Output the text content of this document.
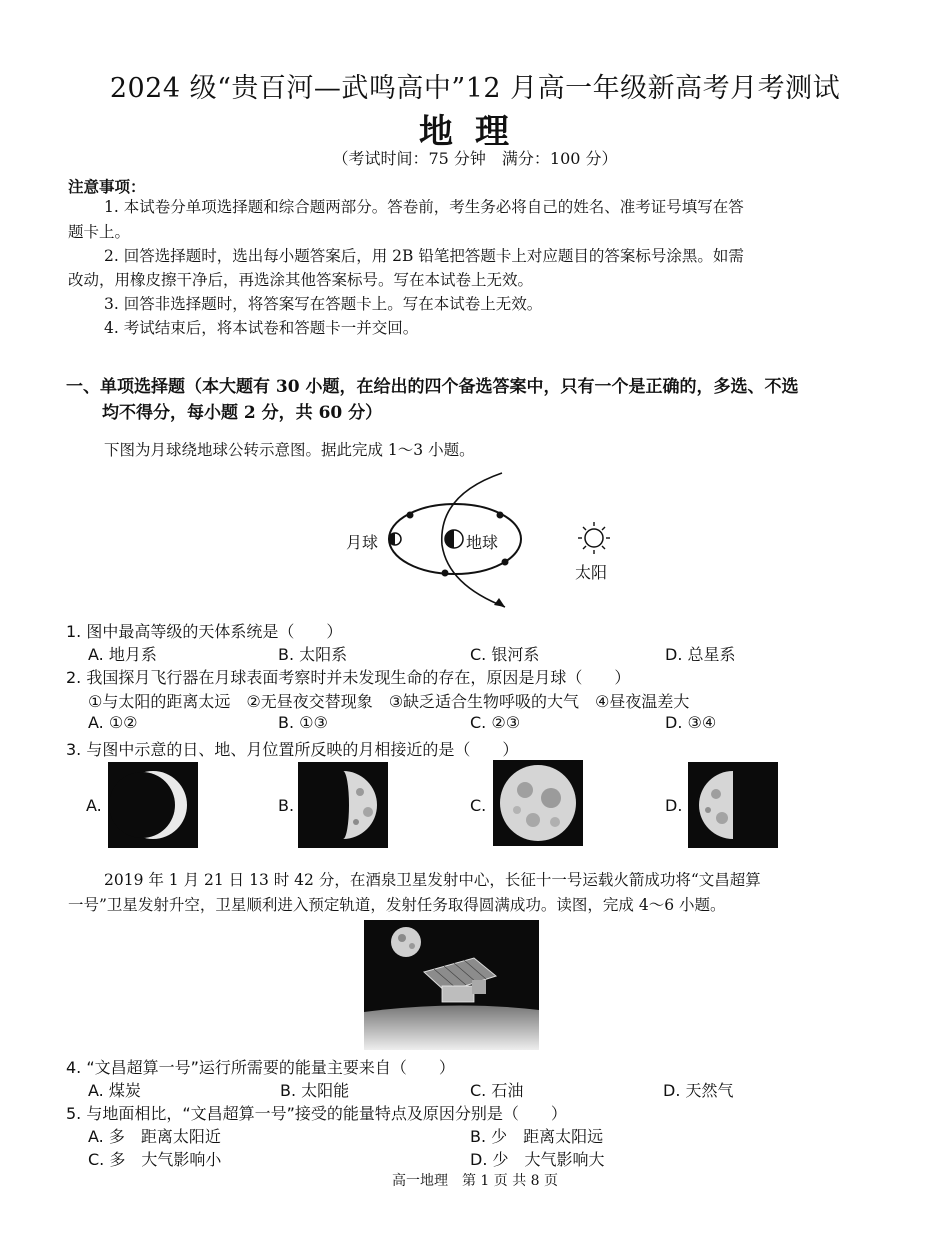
2024 级“贵百河—武鸣高中”12 月高一年级新高考月考测试
地理
（考试时间：75 分钟　满分：100 分）
注意事项：
1. 本试卷分单项选择题和综合题两部分。答卷前，考生务必将自己的姓名、准考证号填写在答
题卡上。
2. 回答选择题时，选出每小题答案后，用 2B 铅笔把答题卡上对应题目的答案标号涂黑。如需
改动，用橡皮擦干净后，再选涂其他答案标号。写在本试卷上无效。
3. 回答非选择题时，将答案写在答题卡上。写在本试卷上无效。
4. 考试结束后，将本试卷和答题卡一并交回。
一、单项选择题（本大题有 30 小题，在给出的四个备选答案中，只有一个是正确的，多选、不选
均不得分，每小题 2 分，共 60 分）
下图为月球绕地球公转示意图。据此完成 1～3 小题。
月球	地球
太阳
1. 图中最高等级的天体系统是（　　）
A. 地月系	B. 太阳系	C. 银河系	D. 总星系
2. 我国探月飞行器在月球表面考察时并未发现生命的存在，原因是月球（　　）
①与太阳的距离太远　②无昼夜交替现象　③缺乏适合生物呼吸的大气　④昼夜温差大
A. ①②	B. ①③	C. ②③	D. ③④
3. 与图中示意的日、地、月位置所反映的月相接近的是（　　）
A.	B.	C.	D.
2019 年 1 月 21 日 13 时 42 分，在酒泉卫星发射中心，长征十一号运载火箭成功将“文昌超算
一号”卫星发射升空，卫星顺利进入预定轨道，发射任务取得圆满成功。读图，完成 4～6 小题。
4. “文昌超算一号”运行所需要的能量主要来自（　　）
A. 煤炭	B. 太阳能	C. 石油	D. 天然气
5. 与地面相比，“文昌超算一号”接受的能量特点及原因分别是（　　）
A. 多　距离太阳近	B. 少　距离太阳远
C. 多　大气影响小	D. 少　大气影响大
高一地理　第 1 页 共 8 页
